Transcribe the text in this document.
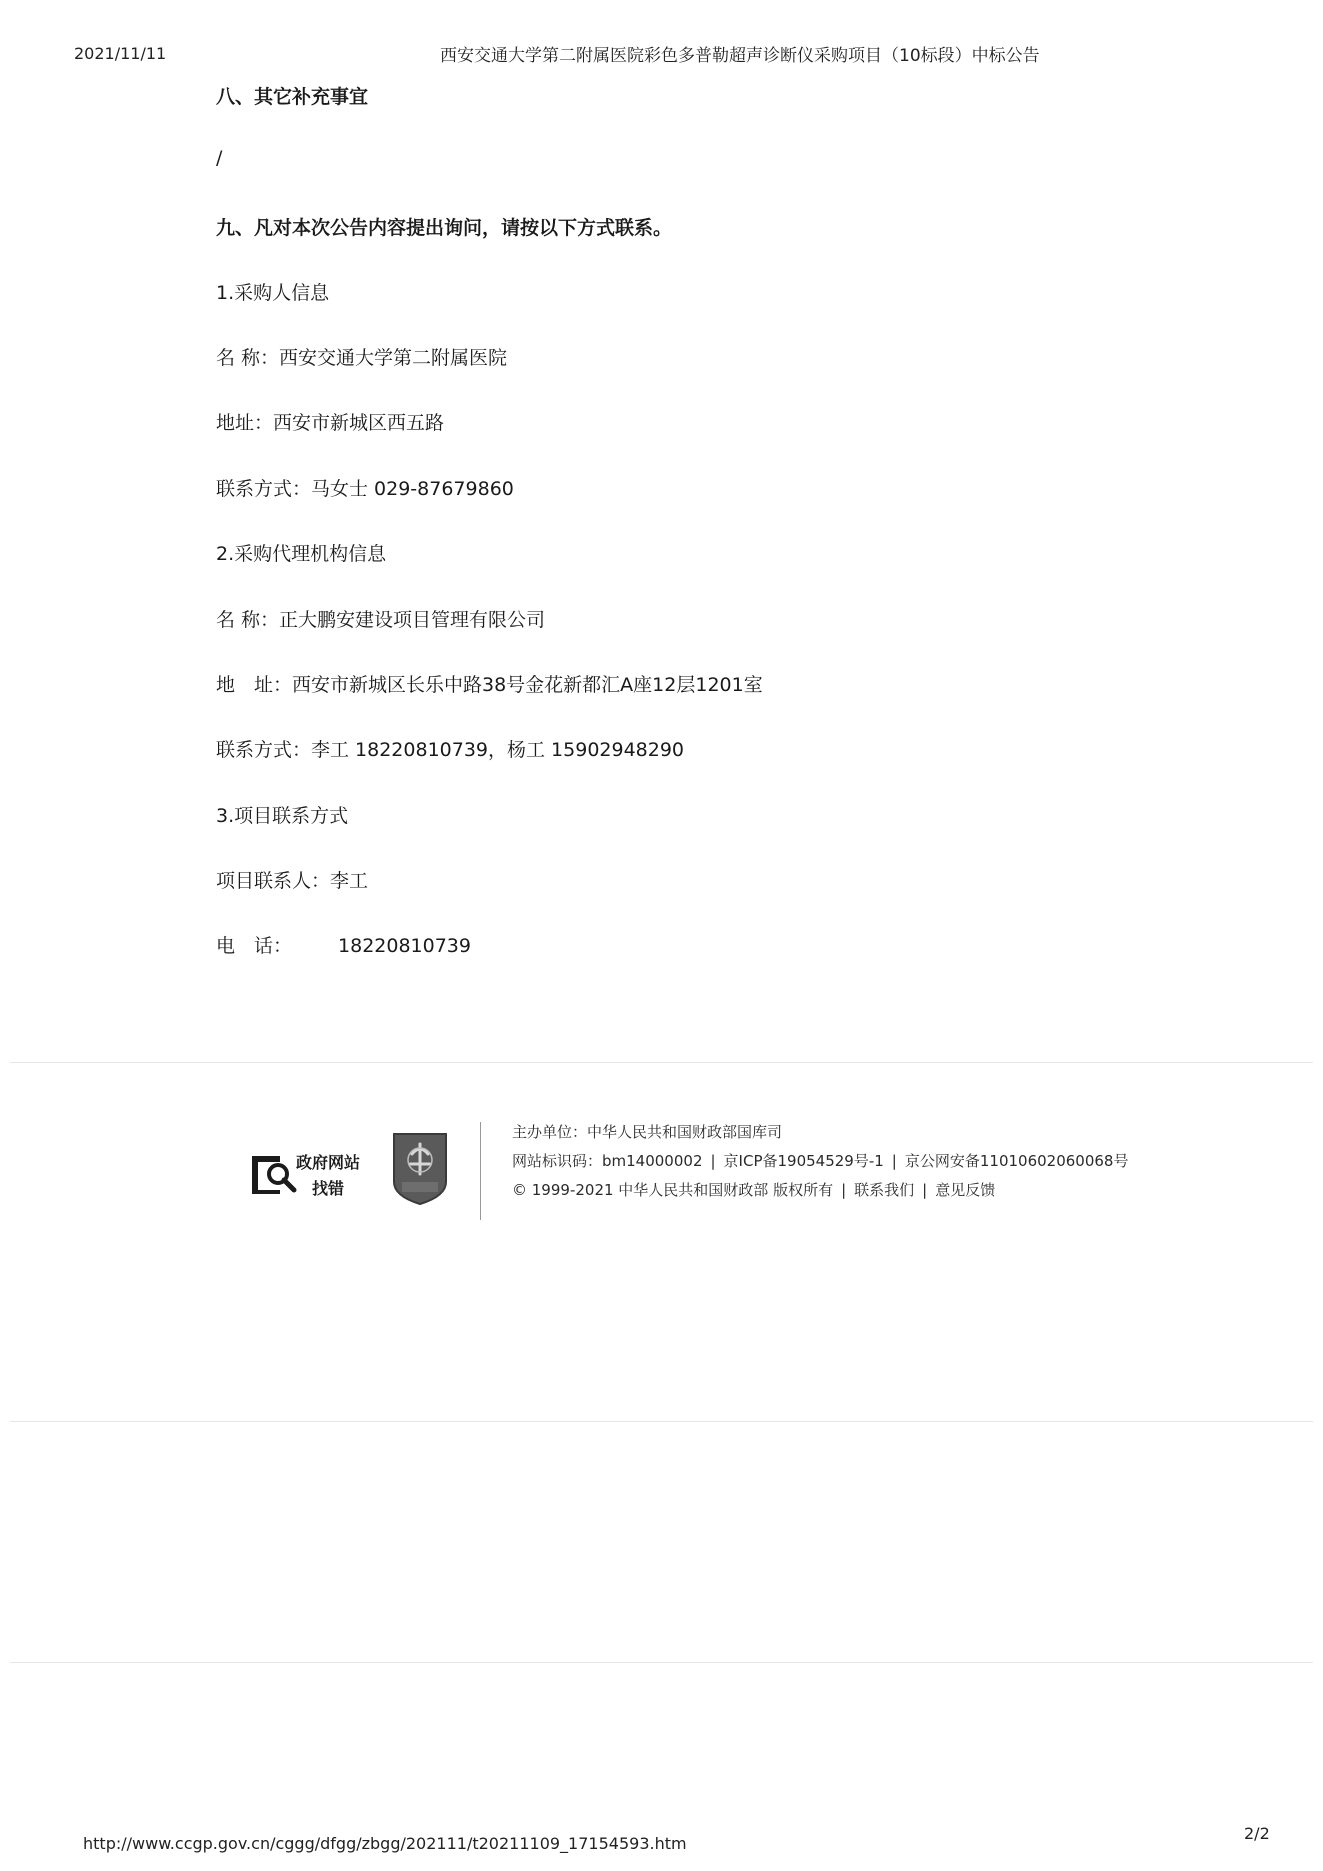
2021/11/11	西安交通大学第二附属医院彩色多普勒超声诊断仪采购项目（10标段）中标公告
八、其它补充事宜
/
九、凡对本次公告内容提出询问，请按以下方式联系。
1.采购人信息
名 称：西安交通大学第二附属医院
地址：西安市新城区西五路
联系方式：马女士 029-87679860
2.采购代理机构信息
名 称：正大鹏安建设项目管理有限公司
地　址：西安市新城区长乐中路38号金花新都汇A座12层1201室
联系方式：李工 18220810739，杨工 15902948290
3.项目联系方式
项目联系人：李工
电　话： 18220810739
政府网站
找错
主办单位：中华人民共和国财政部国库司
网站标识码：bm14000002 | 京ICP备19054529号-1 | 京公网安备11010602060068号
© 1999-2021 中华人民共和国财政部 版权所有 | 联系我们 | 意见反馈
http://www.ccgp.gov.cn/cggg/dfgg/zbgg/202111/t20211109_17154593.htm
2/2
